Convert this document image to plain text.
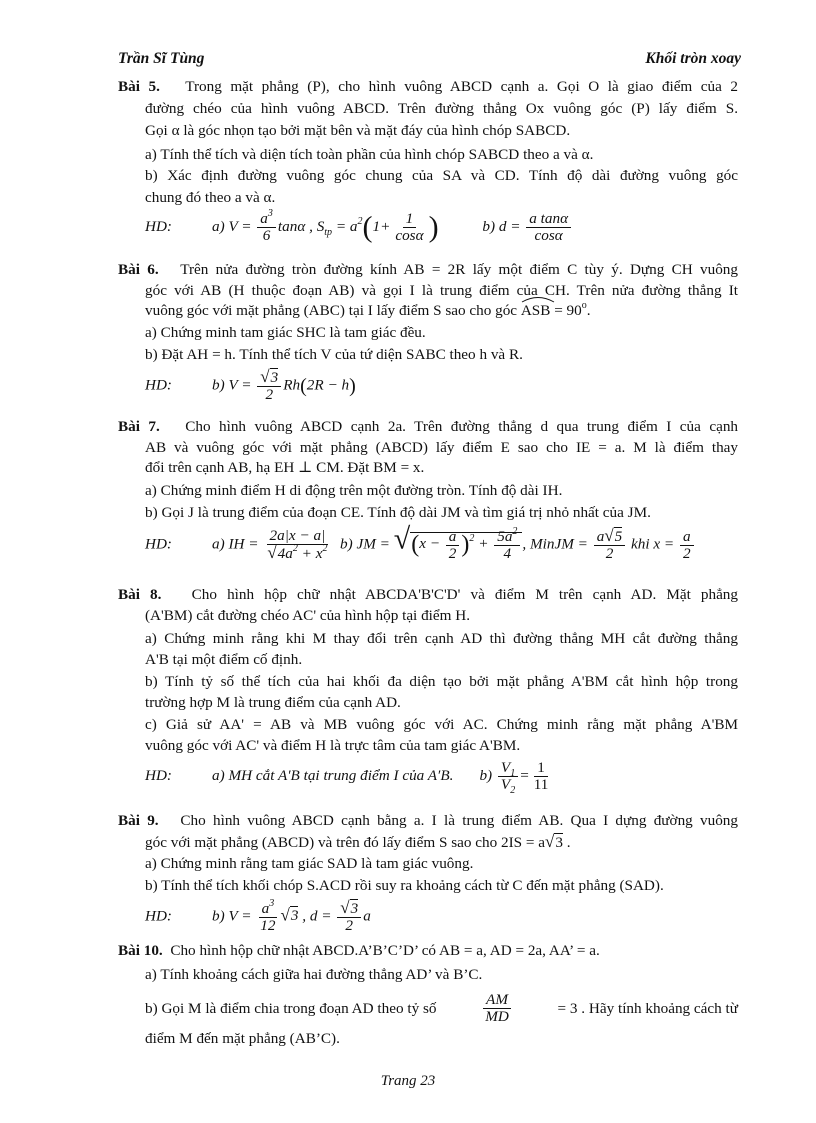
Trần Sĩ Tùng	Khối tròn xoay
Bài 5. Trong mặt phẳng (P), cho hình vuông ABCD cạnh a. Gọi O là giao điểm của 2
đường chéo của hình vuông ABCD. Trên đường thẳng Ox vuông góc (P) lấy điểm S.
Gọi α là góc nhọn tạo bởi mặt bên và mặt đáy của hình chóp SABCD.
a) Tính thể tích và diện tích toàn phần của hình chóp SABCD theo a và α.
b) Xác định đường vuông góc chung của SA và CD. Tính độ dài đường vuông góc
chung đó theo a và α.
HD:	a) $V = \frac{a^3}{6}$ tanα , $S_{tp} = a^2(1+ \frac{1}{\cos\alpha}$ )	b) $d = \frac{\text{a tanα}}{\cos\alpha}$
Bài 6. Trên nửa đường tròn đường kính AB = 2R lấy một điểm C tùy ý. Dựng CH vuông
góc với AB (H thuộc đoạn AB) và gọi I là trung điểm của CH. Trên nửa đường thẳng It
vuông góc với mặt phẳng (ABC) tại I lấy điểm S sao cho góc ASB
= $90^o$.
a) Chứng minh tam giác SHC là tam giác đều.
b) Đặt AH = h. Tính thể tích V của tứ diện SABC theo h và R.
HD:	b) $V = \frac{√3}{2} Rh(2R - h)$
Bài 7. Cho hình vuông ABCD cạnh 2a. Trên đường thẳng d qua trung điểm I của cạnh
AB và vuông góc với mặt phẳng (ABCD) lấy điểm E sao cho IE = a. M là điểm thay
đổi trên cạnh AB, hạ EH ⊥ CM. Đặt BM = x.
a) Chứng minh điểm H di động trên một đường tròn. Tính độ dài IH.
b) Gọi J là trung điểm của đoạn CE. Tính độ dài JM và tìm giá trị nhỏ nhất của JM.
HD:	a) IH = $\frac{2a|x - a|}{√4a^2 + x^2} b$) JM = $√(x - \frac{a}{2} )^2 + \frac{5a^2}{4}$ , MinJM = $\frac{a√5}{2}$ khi $x = \frac{a}{2}$
Bài 8. Cho hình hộp chữ nhật ABCDA'B'C'D' và điểm M trên cạnh AD. Mặt phẳng
(A'BM) cắt đường chéo AC' của hình hộp tại điểm H.
a) Chứng minh rằng khi M thay đổi trên cạnh AD thì đường thẳng MH cắt đường thẳng
A'B tại một điểm cố định.
b) Tính tỷ số thể tích của hai khối đa diện tạo bởi mặt phẳng A'BM cắt hình hộp trong
trường hợp M là trung điểm của cạnh AD.
c) Giả sử AA' = AB và MB vuông góc với AC. Chứng minh rằng mặt phẳng A'BM
vuông góc với AC' và điểm H là trực tâm của tam giác A'BM.
HD:	a) MH cắt A′B tại trung điểm I của A′B. $b) \frac{V_1}{V_2} = \frac{1}{11}$
Bài 9. Cho hình vuông ABCD cạnh bằng a. I là trung điểm AB. Qua I dựng đường vuông
góc với mặt phẳng (ABCD) và trên đó lấy điểm S sao cho 2IS = a√3 .
a) Chứng minh rằng tam giác SAD là tam giác vuông.
b) Tính thể tích khối chóp S.ACD rồi suy ra khoảng cách từ C đến mặt phẳng (SAD).
HD:	b) $V = \frac{a^3}{12} √3$ , $d = \frac{√3}{2}$ a
Bài 10. Cho hình hộp chữ nhật ABCD.A’B’C’D’ có AB = a, AD = 2a, AA’ = a.
a) Tính khoảng cách giữa hai đường thẳng AD’ và B’C.
b) Gọi M là điểm chia trong đoạn AD theo tỷ số	$\frac{AM}{MD}$	= 3 . Hãy tính khoảng cách từ
điểm M đến mặt phẳng (AB’C).
Trang 23
